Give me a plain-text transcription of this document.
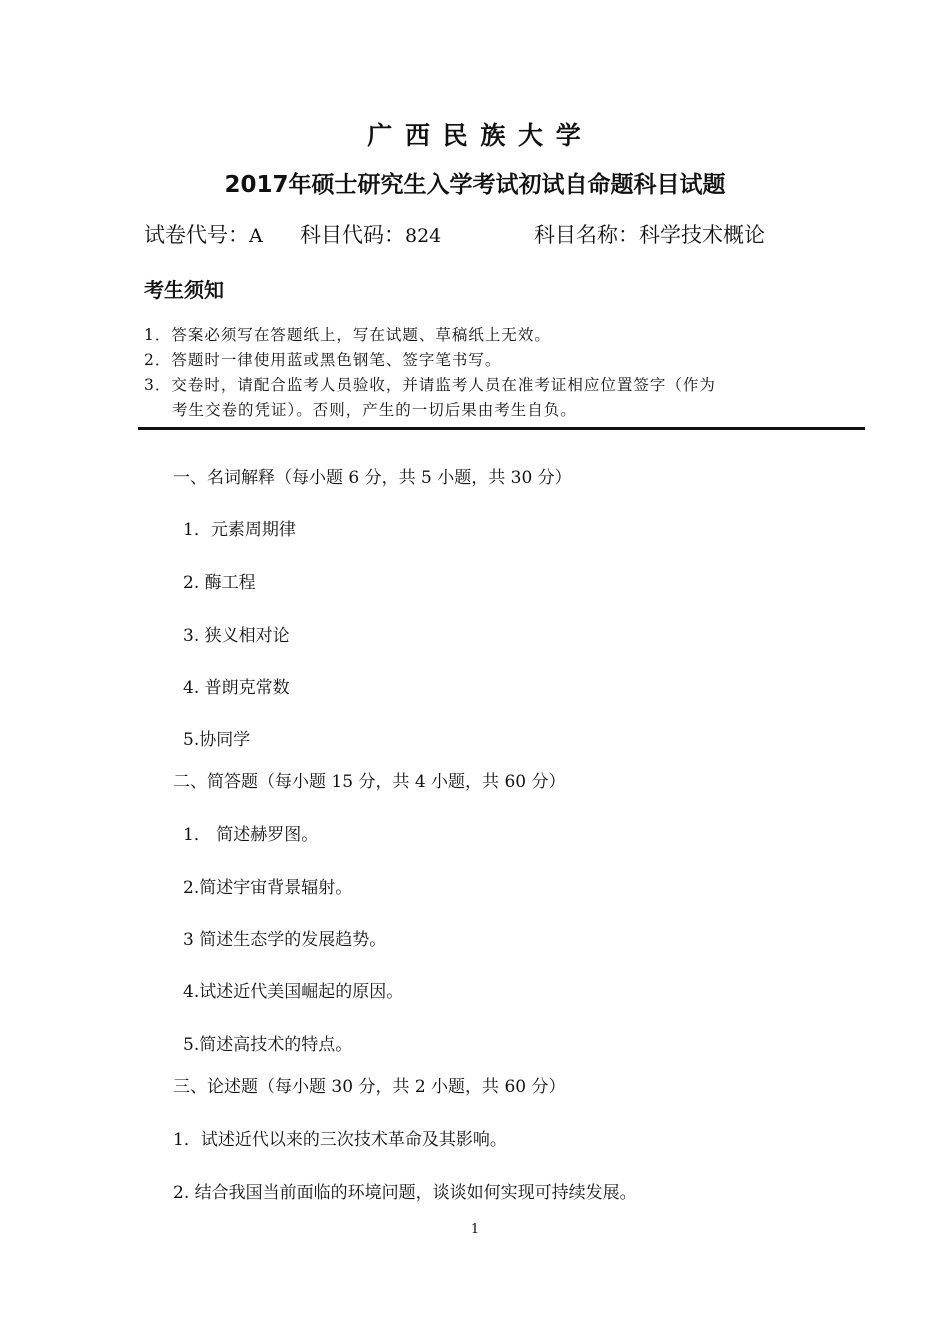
广 西 民 族 大 学
2017年硕士研究生入学考试初试自命题科目试题
试卷代号：A 科目代码：824	科目名称：科学技术概论
考生须知
1．答案必须写在答题纸上，写在试题、草稿纸上无效。
2．答题时一律使用蓝或黑色钢笔、签字笔书写。
3．交卷时，请配合监考人员验收，并请监考人员在准考证相应位置签字（作为
考生交卷的凭证）。否则，产生的一切后果由考生自负。
一、名词解释（每小题 6 分，共 5 小题，共 30 分）
1．元素周期律
2. 酶工程
3. 狭义相对论
4. 普朗克常数
5.协同学
二、简答题（每小题 15 分，共 4 小题，共 60 分）
1． 简述赫罗图。
2.简述宇宙背景辐射。
3 简述生态学的发展趋势。
4.试述近代美国崛起的原因。
5.简述高技术的特点。
三、论述题（每小题 30 分，共 2 小题，共 60 分）
1．试述近代以来的三次技术革命及其影响。
2. 结合我国当前面临的环境问题，谈谈如何实现可持续发展。
1
